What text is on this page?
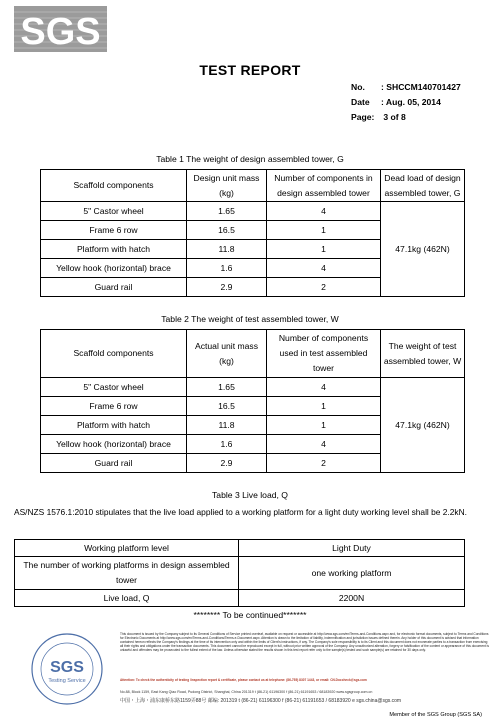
SGS
TEST REPORT
No. : SHCCM140701427
Date : Aug. 05, 2014
Page: 3 of 8
Table 1 The weight of design assembled tower, G
Scaffold components	Design unit mass (kg)	Number of components in design assembled tower	Dead load of design assembled tower, G
5" Castor wheel	1.65	4	47.1kg (462N)
Frame 6 row	16.5	1	
Platform with hatch	11.8	1	
Yellow hook (horizontal) brace	1.6	4	
Guard rail	2.9	2	
Table 2 The weight of test assembled tower, W
Scaffold components	Actual unit mass (kg)	Number of components used in test assembled tower	The weight of test assembled tower, W
5" Castor wheel	1.65	4	47.1kg (462N)
Frame 6 row	16.5	1	
Platform with hatch	11.8	1	
Yellow hook (horizontal) brace	1.6	4	
Guard rail	2.9	2	
Table 3 Live load, Q
AS/NZS 1576.1:2010 stipulates that the live load applied to a working platform for a light duty working level shall be 2.2kN.
Working platform level	Light Duty
The number of working platforms in design assembled tower	one working platform
Live load, Q	2200N
******** To be continued*******
SGS
Testing Service
This document is issued by the Company subject to its General Conditions of Service printed overleaf, available on request or accessible at http://www.sgs.com/en/Terms-and-Conditions.aspx and, for electronic format documents, subject to Terms and Conditions for Electronic Documents at http://www.sgs.com/en/Terms-and-Conditions/Terms-e-Document.aspx. Attention is drawn to the limitation of liability, indemnification and jurisdiction issues defined therein. Any holder of this document is advised that information contained hereon reflects the Company's findings at the time of its intervention only and within the limits of Client's instructions, if any. The Company's sole responsibility is to its Client and this document does not exonerate parties to a transaction from exercising all their rights and obligations under the transaction documents. This document cannot be reproduced except in full, without prior written approval of the Company. Any unauthorized alteration, forgery or falsification of the content or appearance of this document is unlawful and offenders may be prosecuted to the fullest extent of the law. Unless otherwise stated the results shown in this test report refer only to the sample(s) tested and such sample(s) are retained for 30 days only.
Attention: To check the authenticity of testing /inspection report & certificate, please contact us at telephone: (86-755) 8307 1443, or email: CN.Doccheck@sgs.com
No.88, Block 1159, East Kang Qiao Road, Pudong District, Shanghai, China 201319 t (86-21) 61196300 f (86-21) 61191653 / 68183920 www.sgsgroup.com.cn
中国・上海・浦东康桥东路1159弄88号 邮编: 201319 t (86-21) 61196300 f (86-21) 61191653 / 68183920 e sgs.china@sgs.com
Member of the SGS Group (SGS SA)
